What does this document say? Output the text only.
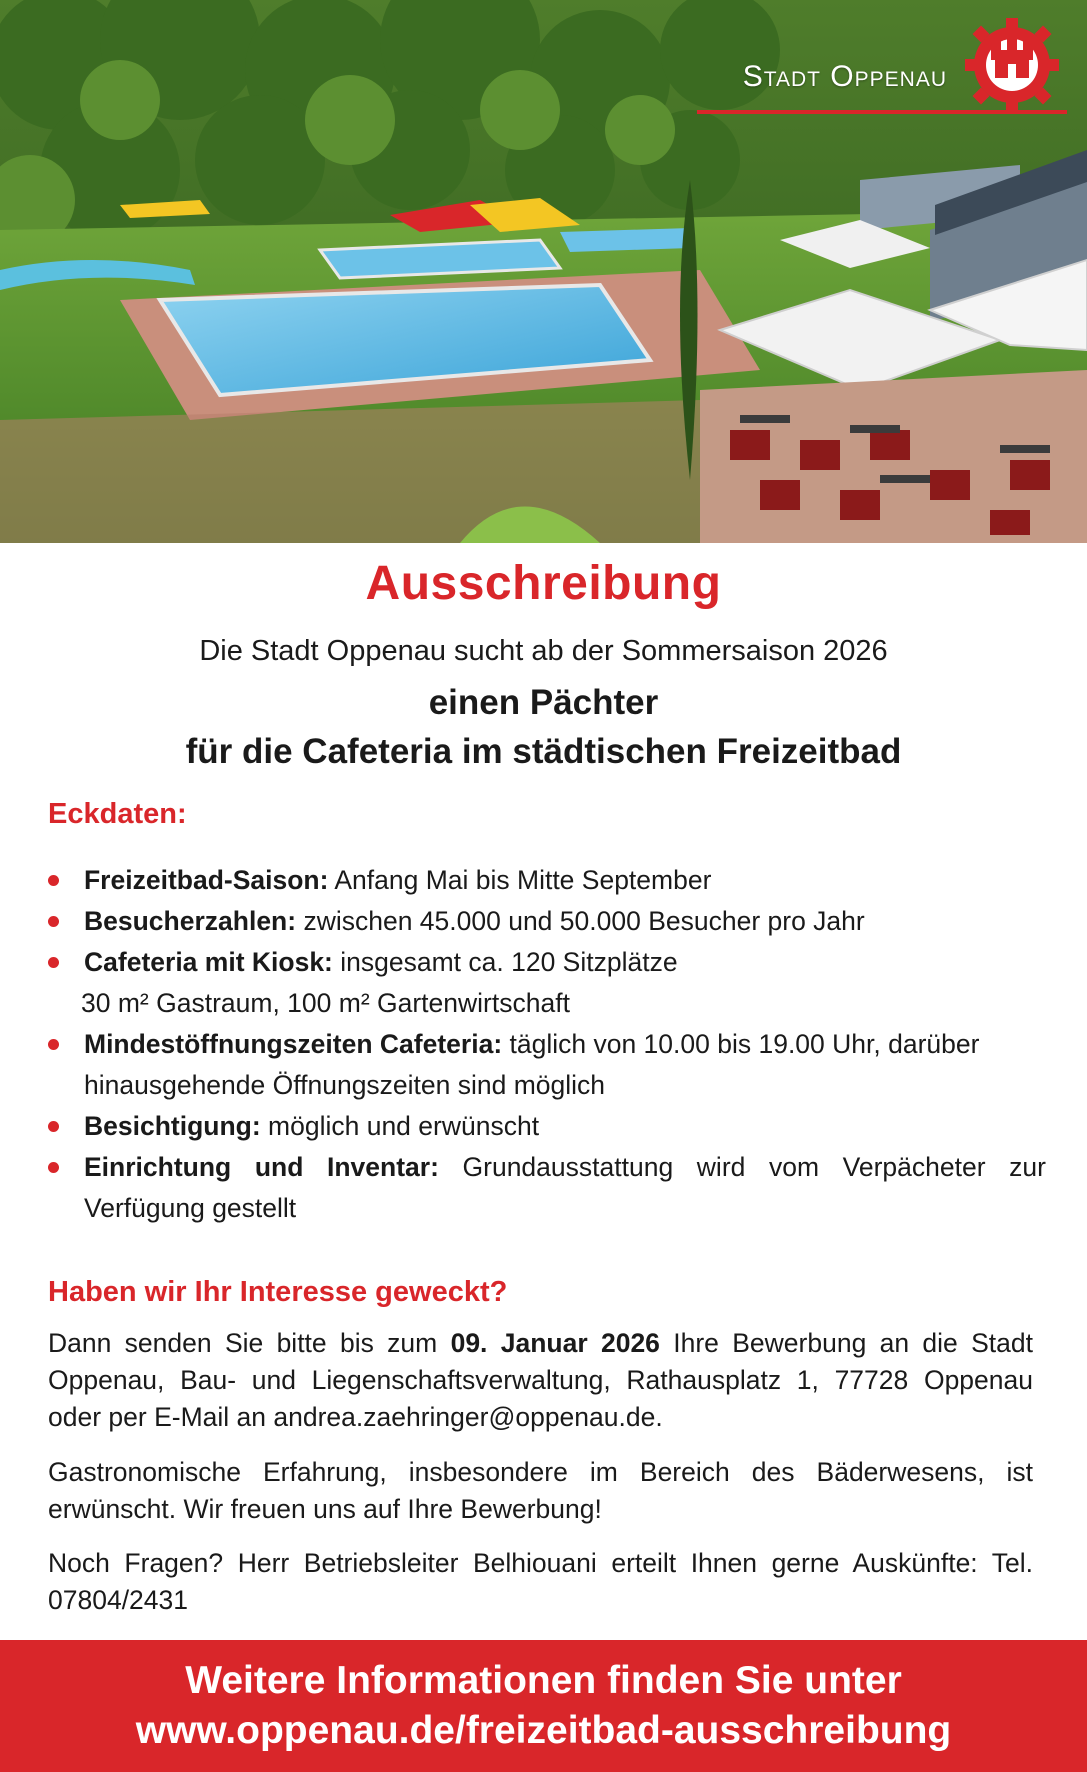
Stadt Oppenau
Ausschreibung
Die Stadt Oppenau sucht ab der Sommersaison 2026
einen Pächter
für die Cafeteria im städtischen Freizeitbad
Eckdaten:
Freizeitbad-Saison: Anfang Mai bis Mitte September
Besucherzahlen: zwischen 45.000 und 50.000 Besucher pro Jahr
Cafeteria mit Kiosk: insgesamt ca. 120 Sitzplätze
30 m² Gastraum, 100 m² Gartenwirtschaft
Mindestöffnungszeiten Cafeteria: täglich von 10.00 bis 19.00 Uhr, darüber hinausgehende Öffnungszeiten sind möglich
Besichtigung: möglich und erwünscht
Einrichtung und Inventar: Grundausstattung wird vom Verpächeter zur Verfügung gestellt
Haben wir Ihr Interesse geweckt?
Dann senden Sie bitte bis zum 09. Januar 2026 Ihre Bewerbung an die Stadt Oppenau, Bau- und Liegenschaftsverwaltung, Rathausplatz 1, 77728 Oppenau oder per E-Mail an andrea.zaehringer@oppenau.de.
Gastronomische Erfahrung, insbesondere im Bereich des Bäderwesens, ist erwünscht. Wir freuen uns auf Ihre Bewerbung!
Noch Fragen? Herr Betriebsleiter Belhiouani erteilt Ihnen gerne Auskünfte: Tel. 07804/2431
Weitere Informationen finden Sie unter
www.oppenau.de/freizeitbad-ausschreibung
